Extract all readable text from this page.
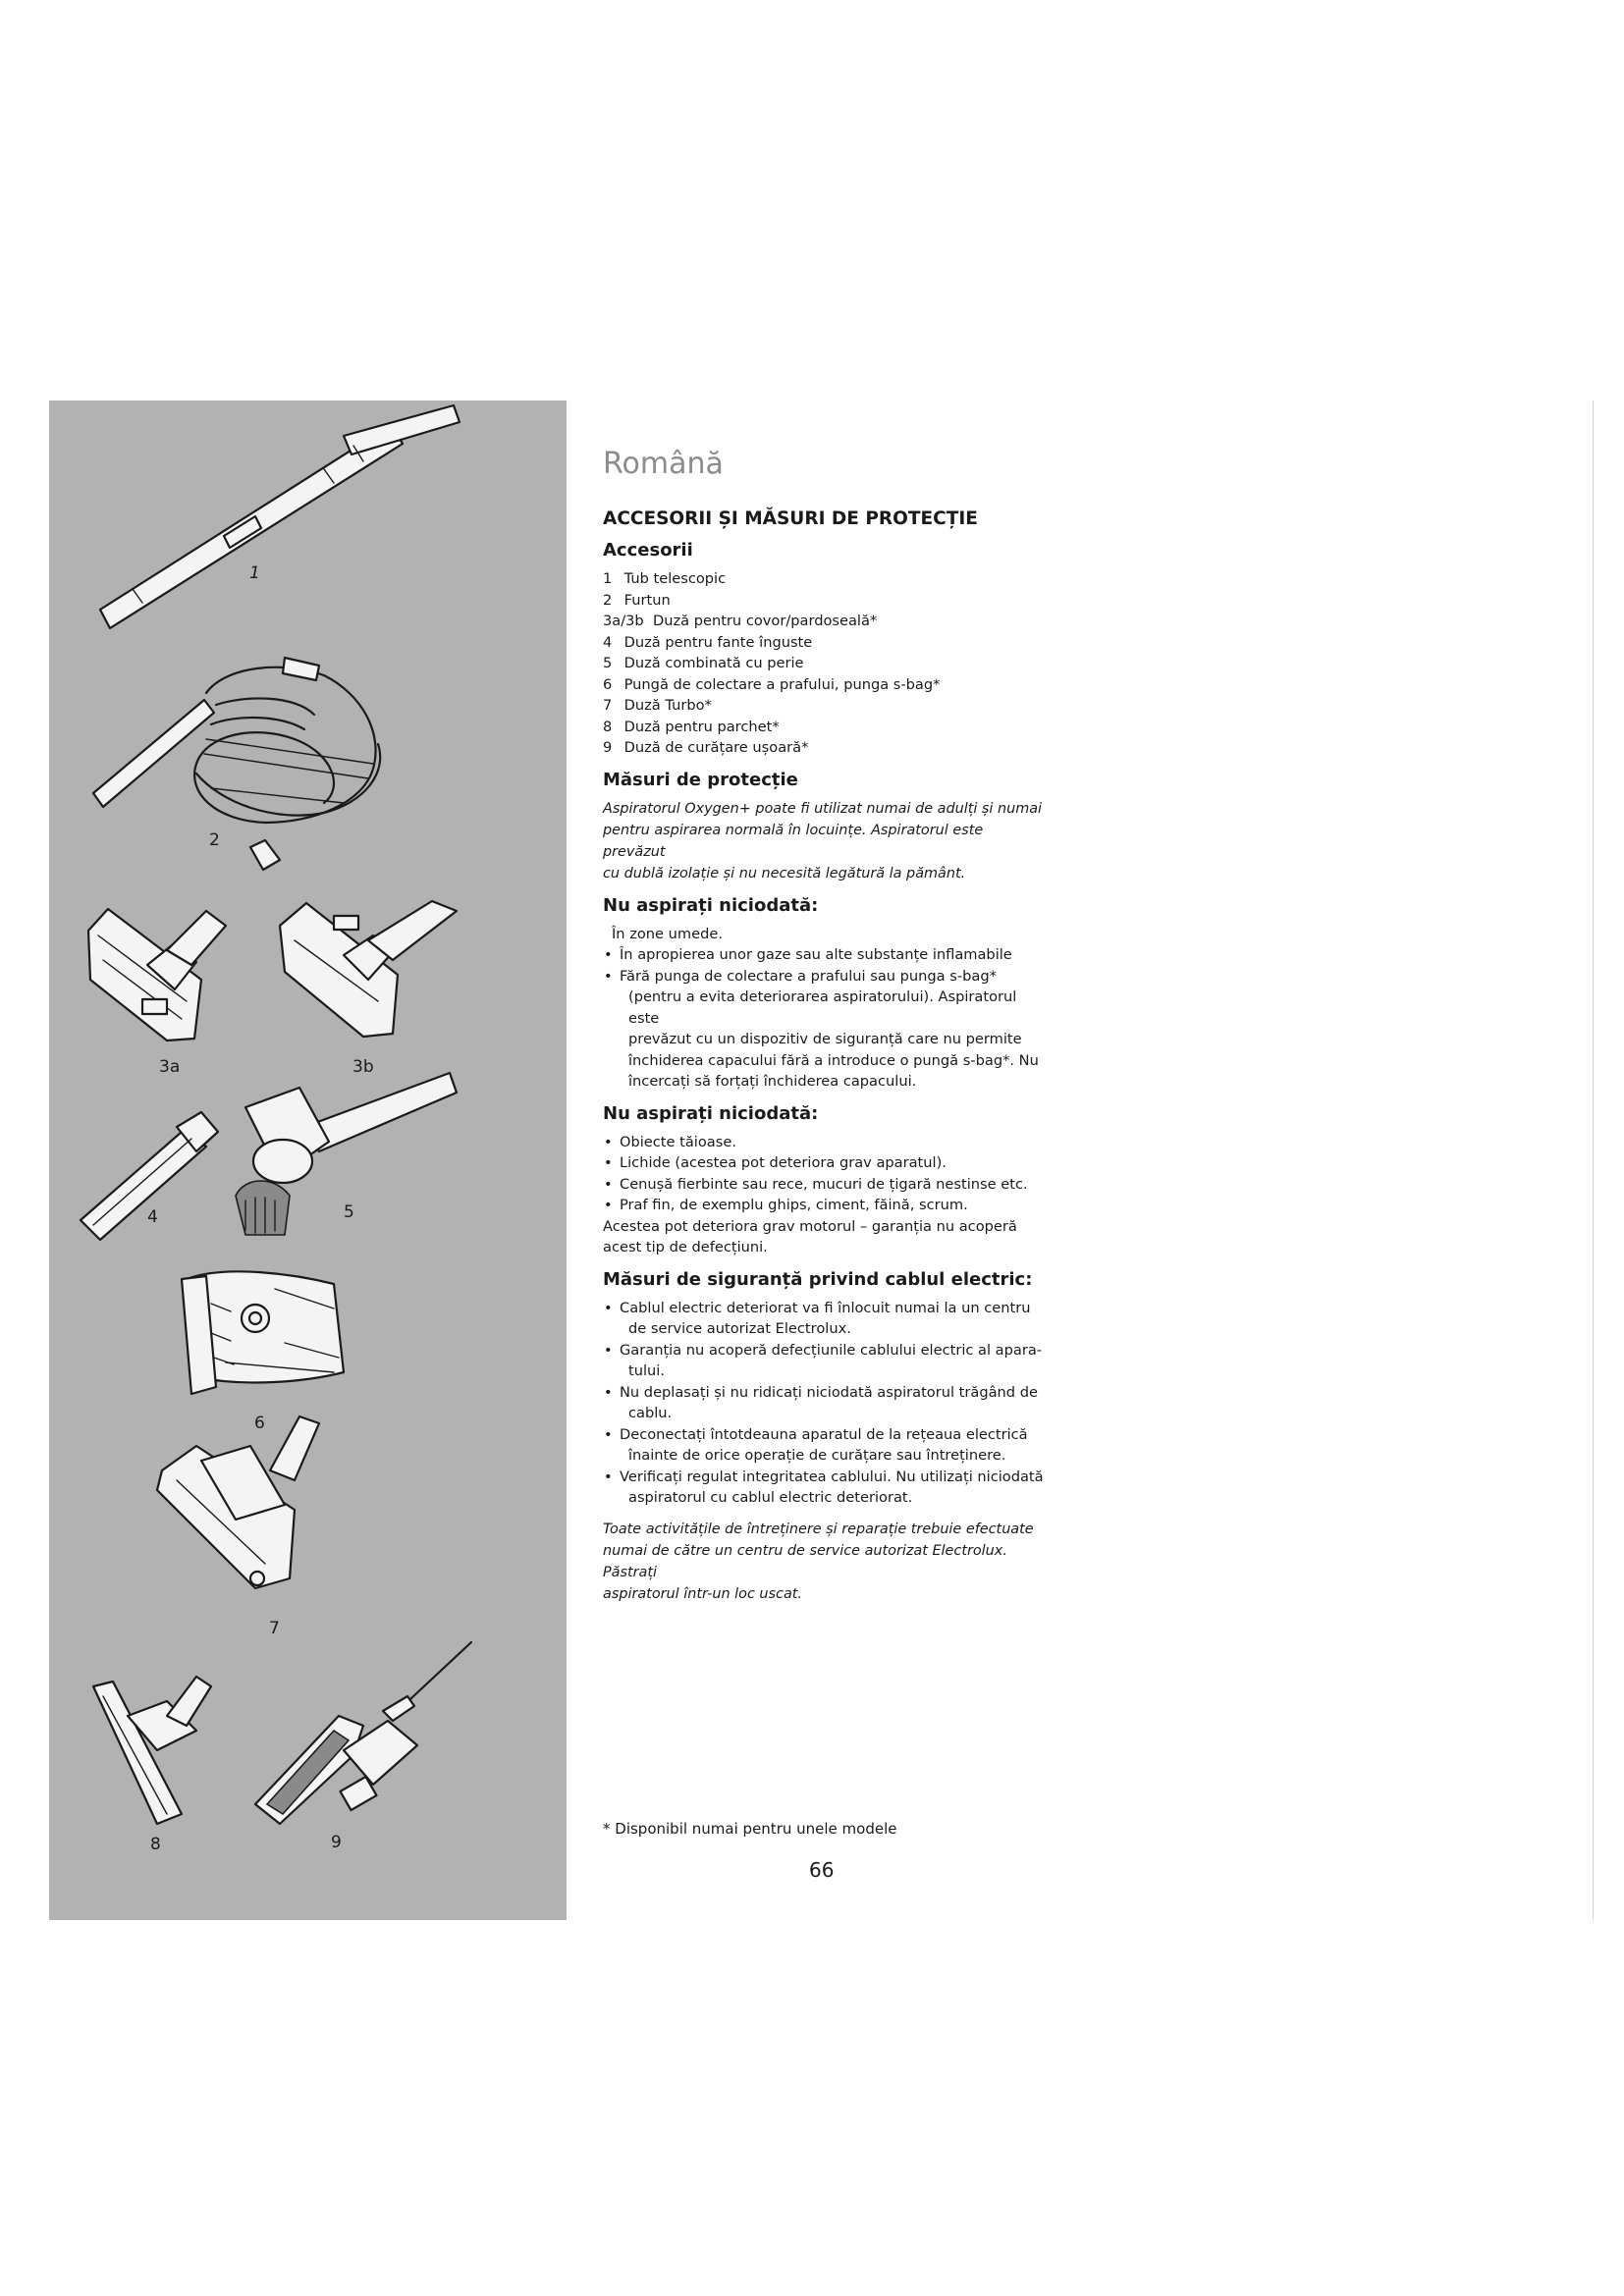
1
2
3a	3b
4	5
6
7
8	9
Română
ACCESORII ȘI MĂSURI DE PROTECȚIE
Accesorii
1 Tub telescopic
2 Furtun
3a/3b Duză pentru covor/pardoseală*
4 Duză pentru fante înguste
5 Duză combinată cu perie
6 Pungă de colectare a prafului, punga s-bag*
7 Duză Turbo*
8 Duză pentru parchet*
9 Duză de curățare ușoară*
Măsuri de protecție
Aspiratorul Oxygen+ poate fi utilizat numai de adulți și numai
pentru aspirarea normală în locuințe. Aspiratorul este prevăzut
cu dublă izolație și nu necesită legătură la pământ.
Nu aspirați niciodată:

În zone umede.

• În apropierea unor gaze sau alte substanțe inflamabile
• Fără punga de colectare a prafului sau punga s-bag*
(pentru a evita deteriorarea aspiratorului). Aspiratorul este
prevăzut cu un dispozitiv de siguranță care nu permite
închiderea capacului fără a introduce o pungă s-bag*. Nu
încercați să forțați închiderea capacului.
Nu aspirați niciodată:
• Obiecte tăioase.
• Lichide (acestea pot deteriora grav aparatul).
• Cenușă fierbinte sau rece, mucuri de țigară nestinse etc.
• Praf fin, de exemplu ghips, ciment, făină, scrum.
Acestea pot deteriora grav motorul – garanția nu acoperă
acest tip de defecțiuni.
Măsuri de siguranță privind cablul electric:
• Cablul electric deteriorat va fi înlocuit numai la un centru
de service autorizat Electrolux.
• Garanția nu acoperă defecțiunile cablului electric al apara-
tului.
• Nu deplasați și nu ridicați niciodată aspiratorul trăgând de
cablu.
• Deconectați întotdeauna aparatul de la rețeaua electrică
înainte de orice operație de curățare sau întreținere.
• Verificați regulat integritatea cablului. Nu utilizați niciodată
aspiratorul cu cablul electric deteriorat.
Toate activitățile de întreținere și reparație trebuie efectuate
numai de către un centru de service autorizat Electrolux. Păstrați
aspiratorul într-un loc uscat.
* Disponibil numai pentru unele modele
66
